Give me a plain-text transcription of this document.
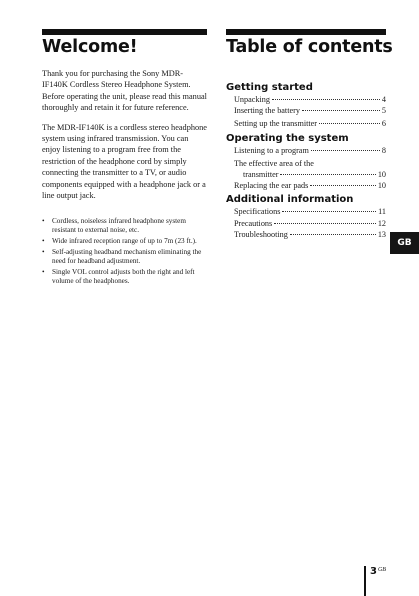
Welcome!	Table of contents

Thank you for purchasing the Sony MDR-IF140K Cordless Stereo Headphone System. Before operating the unit, please read this manual thoroughly and retain it for future reference.

The MDR-IF140K is a cordless stereo headphone system using infrared transmission. You can enjoy listening to a program free from the restriction of the headphone cord by simply connecting the transmitter to a TV, or audio components equipped with a headphone jack or a line output jack.

• Cordless, noiseless infrared headphone system resistant to external noise, etc.
• Wide infrared reception range of up to 7m (23 ft.).
• Self-adjusting headband mechanism eliminating the need for headband adjustment.
• Single VOL control adjusts both the right and left volume of the headphones.
Getting started
Unpacking	4
Inserting the battery	5
Setting up the transmitter	6
Operating the system
Listening to a program	8
The effective area of the
transmitter	10
Replacing the ear pads	10
Additional information
Specifications	11
Precautions	12
Troubleshooting	13
GB
$3^{GB}$
